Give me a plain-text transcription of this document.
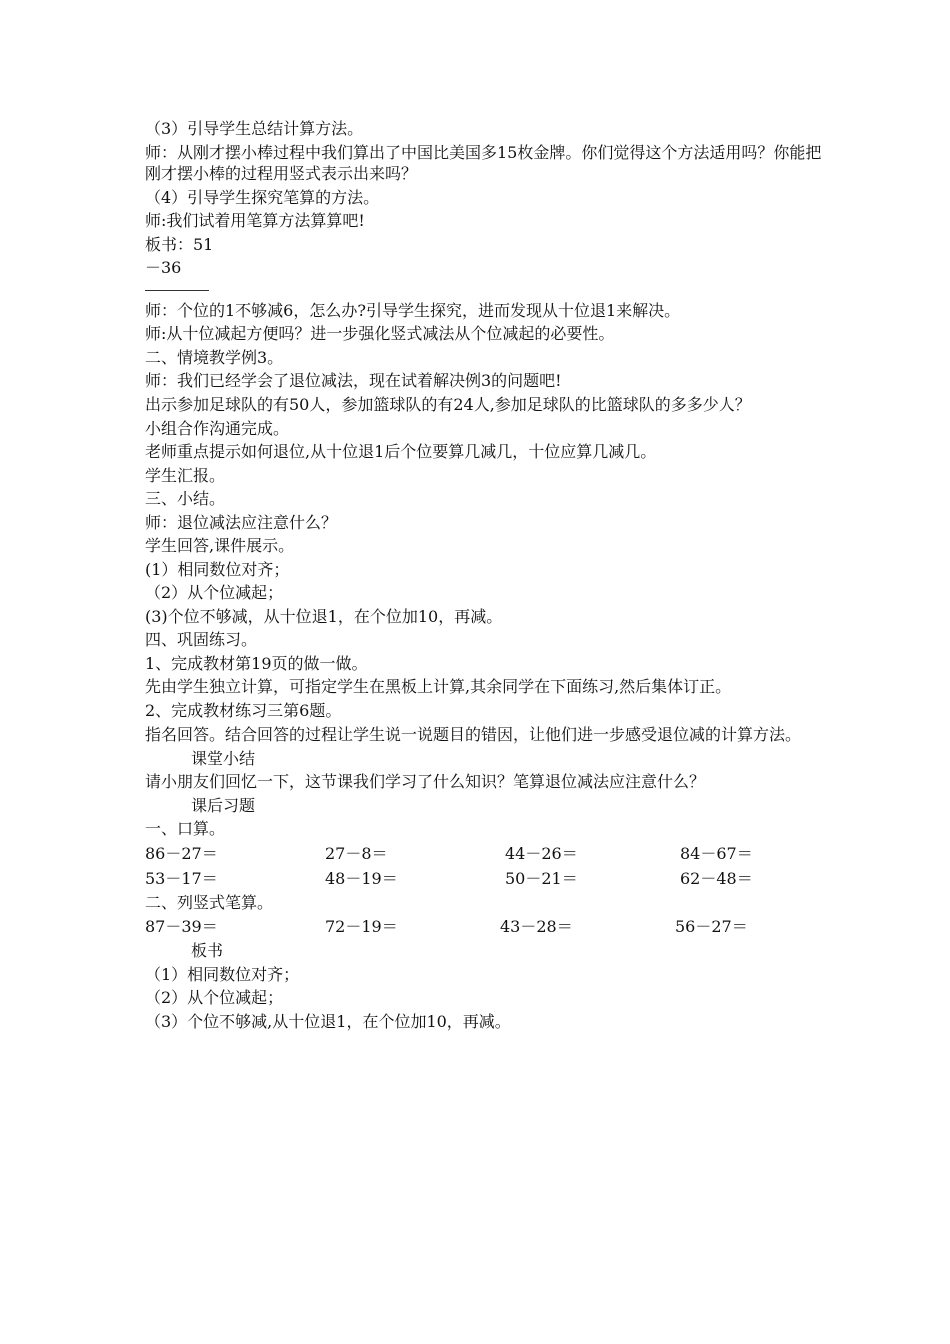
（3）引导学生总结计算方法。
师：从刚才摆小棒过程中我们算出了中国比美国多15枚金牌。你们觉得这个方法适用吗？你能把刚才摆小棒的过程用竖式表示出来吗？
（4）引导学生探究笔算的方法。
师:我们试着用笔算方法算算吧!
板书：51
－36
师：个位的1不够减6，怎么办?引导学生探究，进而发现从十位退1来解决。
师:从十位减起方便吗？进一步强化竖式减法从个位减起的必要性。
二、情境教学例3。
师：我们已经学会了退位减法，现在试着解决例3的问题吧!
出示参加足球队的有50人，参加篮球队的有24人,参加足球队的比篮球队的多多少人？
小组合作沟通完成。
老师重点提示如何退位,从十位退1后个位要算几减几，十位应算几减几。
学生汇报。
三、小结。
师：退位减法应注意什么？
学生回答,课件展示。
(1）相同数位对齐；
（2）从个位减起；
(3)个位不够减，从十位退1，在个位加10，再减。
四、巩固练习。
1、完成教材第19页的做一做。
先由学生独立计算，可指定学生在黑板上计算,其余同学在下面练习,然后集体订正。
2、完成教材练习三第6题。
指名回答。结合回答的过程让学生说一说题目的错因，让他们进一步感受退位减的计算方法。
课堂小结
请小朋友们回忆一下，这节课我们学习了什么知识？笔算退位减法应注意什么？
课后习题
一、口算。
86－27＝	27－8＝	44－26＝	84－67＝
53－17＝	48－19＝	50－21＝	62－48＝
二、列竖式笔算。
87－39＝	72－19＝	43－28＝	56－27＝
板书
（1）相同数位对齐；
（2）从个位减起；
（3）个位不够减,从十位退1，在个位加10，再减。
